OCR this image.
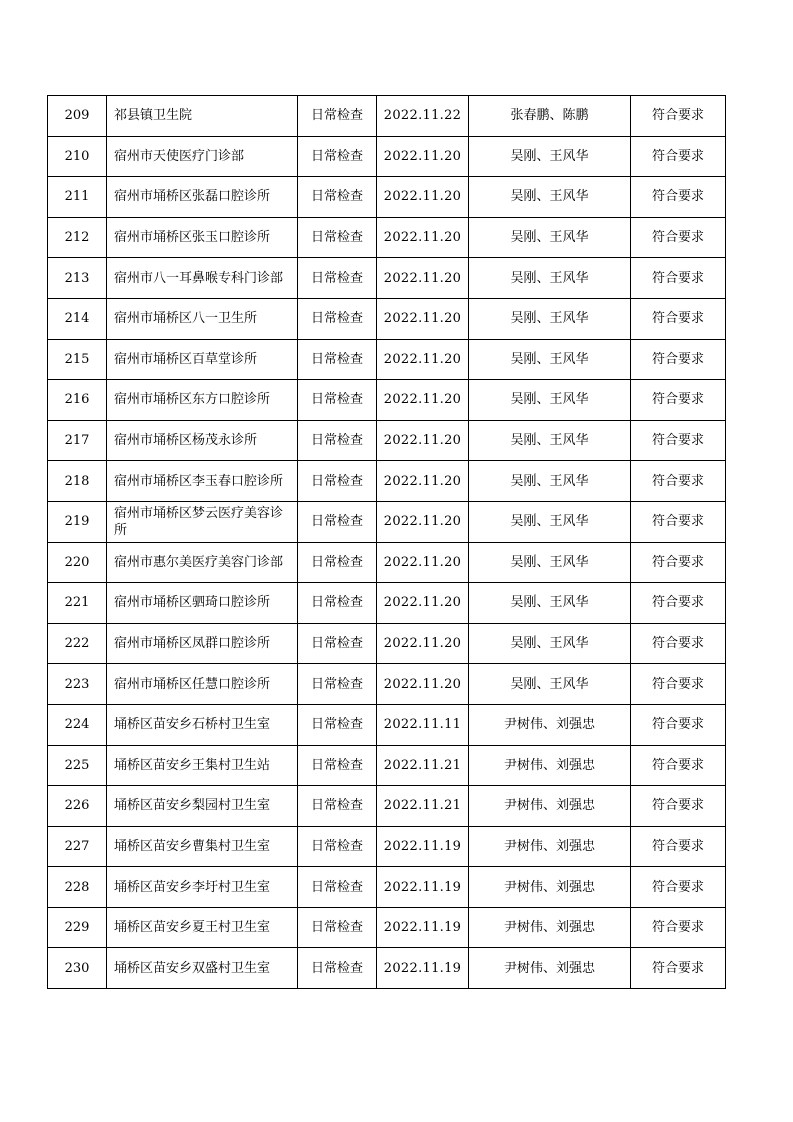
209	祁县镇卫生院	日常检查	2022.11.22	张春鹏、陈鹏	符合要求
210	宿州市天使医疗门诊部	日常检查	2022.11.20	吴刚、王风华	符合要求
211	宿州市埇桥区张磊口腔诊所	日常检查	2022.11.20	吴刚、王风华	符合要求
212	宿州市埇桥区张玉口腔诊所	日常检查	2022.11.20	吴刚、王风华	符合要求
213	宿州市八一耳鼻喉专科门诊部	日常检查	2022.11.20	吴刚、王风华	符合要求
214	宿州市埇桥区八一卫生所	日常检查	2022.11.20	吴刚、王风华	符合要求
215	宿州市埇桥区百草堂诊所	日常检查	2022.11.20	吴刚、王风华	符合要求
216	宿州市埇桥区东方口腔诊所	日常检查	2022.11.20	吴刚、王风华	符合要求
217	宿州市埇桥区杨茂永诊所	日常检查	2022.11.20	吴刚、王风华	符合要求
218	宿州市埇桥区李玉春口腔诊所	日常检查	2022.11.20	吴刚、王风华	符合要求
219	宿州市埇桥区梦云医疗美容诊所	日常检查	2022.11.20	吴刚、王风华	符合要求
220	宿州市惠尔美医疗美容门诊部	日常检查	2022.11.20	吴刚、王风华	符合要求
221	宿州市埇桥区驷琦口腔诊所	日常检查	2022.11.20	吴刚、王风华	符合要求
222	宿州市埇桥区凤群口腔诊所	日常检查	2022.11.20	吴刚、王风华	符合要求
223	宿州市埇桥区任慧口腔诊所	日常检查	2022.11.20	吴刚、王风华	符合要求
224	埇桥区苗安乡石桥村卫生室	日常检查	2022.11.11	尹树伟、刘强忠	符合要求
225	埇桥区苗安乡王集村卫生站	日常检查	2022.11.21	尹树伟、刘强忠	符合要求
226	埇桥区苗安乡梨园村卫生室	日常检查	2022.11.21	尹树伟、刘强忠	符合要求
227	埇桥区苗安乡曹集村卫生室	日常检查	2022.11.19	尹树伟、刘强忠	符合要求
228	埇桥区苗安乡李圩村卫生室	日常检查	2022.11.19	尹树伟、刘强忠	符合要求
229	埇桥区苗安乡夏王村卫生室	日常检查	2022.11.19	尹树伟、刘强忠	符合要求
230	埇桥区苗安乡双盛村卫生室	日常检查	2022.11.19	尹树伟、刘强忠	符合要求
